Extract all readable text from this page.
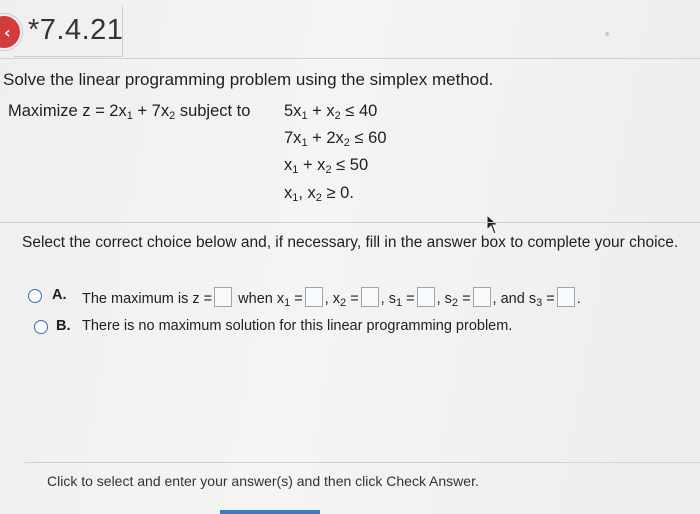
‹ *7.4.21
Solve the linear programming problem using the simplex method.
Maximize $z = 2x_1 + 7x_2$ subject to $5x_1 + x_2 \le 40$
$7x_1 + 2x_2 \le 60$
$x_1 + x_2 \le 50$
$x_1$, $x_2 \ge 0$.
Select the correct choice below and, if necessary, fill in the answer box to complete your choice.
A. The maximum is z = when $x_1$ = , $x_2$ = , $s_1$ = , $s_2$ = , and $s_3$ = .
B. There is no maximum solution for this linear programming problem.
Click to select and enter your answer(s) and then click Check Answer.
